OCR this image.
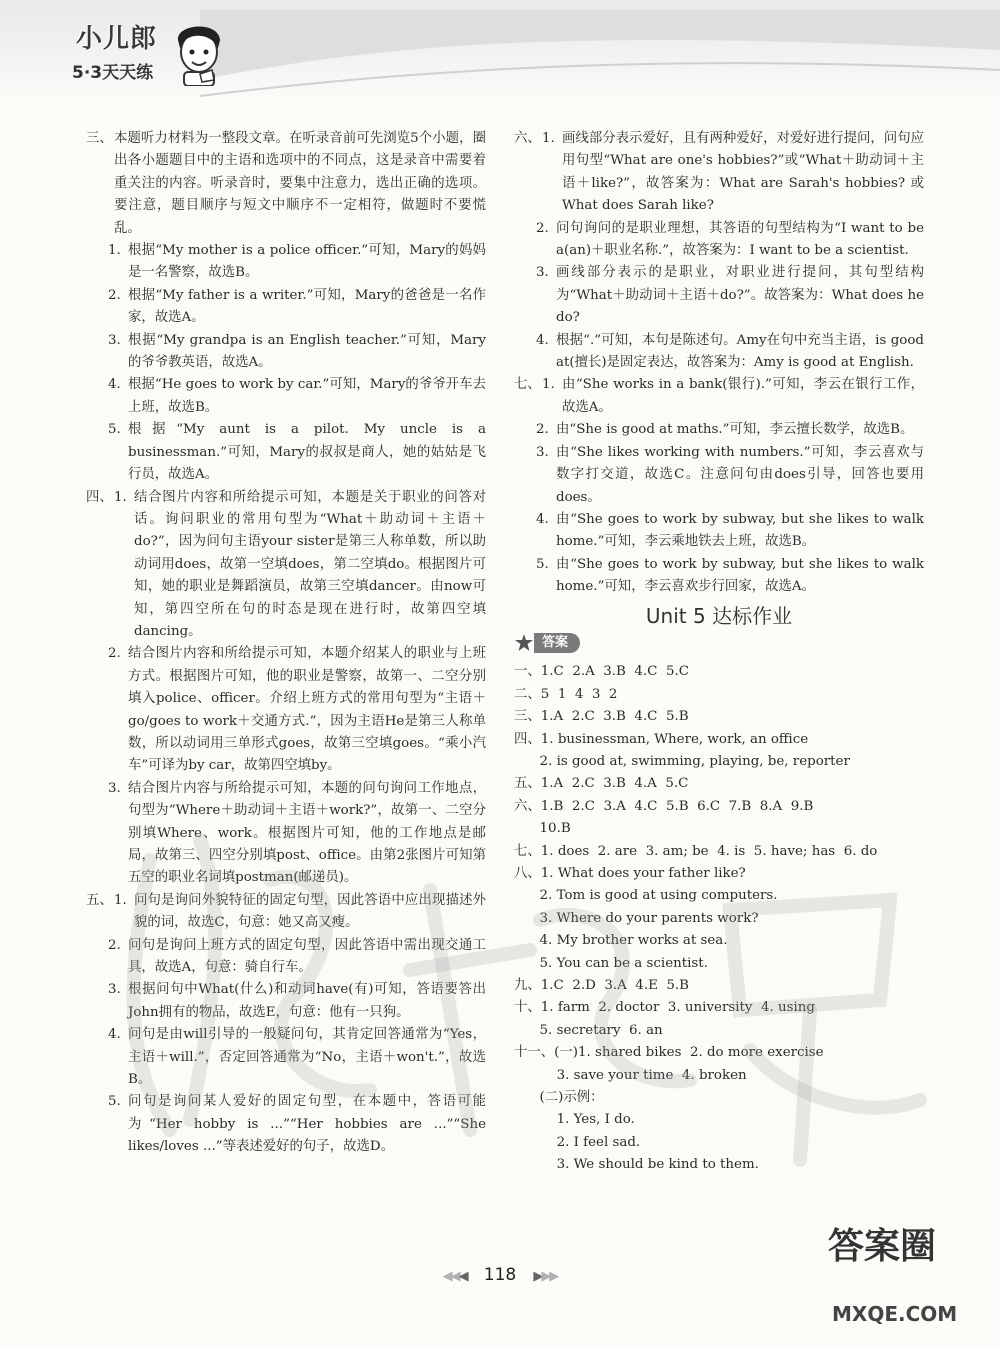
小儿郎
5·3天天练
三、 本题听力材料为一整段文章。在听录音前可先浏览5个小题，圈出各小题题目中的主语和选项中的不同点，这是录音中需要着重关注的内容。听录音时，要集中注意力，选出正确的选项。要注意，题目顺序与短文中顺序不一定相符，做题时不要慌乱。
1. 根据“My mother is a police officer.”可知，Mary的妈妈是一名警察，故选B。
2. 根据“My father is a writer.”可知，Mary的爸爸是一名作家，故选A。
3. 根据“My grandpa is an English teacher.”可知，Mary的爷爷教英语，故选A。
4. 根据“He goes to work by car.”可知，Mary的爷爷开车去上班，故选B。
5. 根据“My aunt is a pilot. My uncle is a businessman.”可知，Mary的叔叔是商人，她的姑姑是飞行员，故选A。
四、 1. 结合图片内容和所给提示可知，本题是关于职业的问答对话。询问职业的常用句型为“What＋助动词＋主语＋do?”，因为问句主语your sister是第三人称单数，所以助动词用does，故第一空填does，第二空填do。根据图片可知，她的职业是舞蹈演员，故第三空填dancer。由now可知，第四空所在句的时态是现在进行时，故第四空填dancing。
2. 结合图片内容和所给提示可知，本题介绍某人的职业与上班方式。根据图片可知，他的职业是警察，故第一、二空分别填入police、officer。介绍上班方式的常用句型为“主语＋go/goes to work＋交通方式.”，因为主语He是第三人称单数，所以动词用三单形式goes，故第三空填goes。“乘小汽车”可译为by car，故第四空填by。
3. 结合图片内容与所给提示可知，本题的问句询问工作地点，句型为“Where＋助动词＋主语＋work?”，故第一、二空分别填Where、work。根据图片可知，他的工作地点是邮局，故第三、四空分别填post、office。由第2张图片可知第五空的职业名词填postman(邮递员)。
五、 1. 问句是询问外貌特征的固定句型，因此答语中应出现描述外貌的词，故选C，句意：她又高又瘦。
2. 问句是询问上班方式的固定句型，因此答语中需出现交通工具，故选A，句意：骑自行车。
3. 根据问句中What(什么)和动词have(有)可知，答语要答出John拥有的物品，故选E，句意：他有一只狗。
4. 问句是由will引导的一般疑问句，其肯定回答通常为“Yes，主语＋will.”，否定回答通常为“No，主语＋won't.”，故选B。
5. 问句是询问某人爱好的固定句型，在本题中，答语可能为“Her hobby is ...”“Her hobbies are ...”“She likes/loves ...”等表述爱好的句子，故选D。
六、 1. 画线部分表示爱好，且有两种爱好，对爱好进行提问，问句应用句型“What are one's hobbies?”或“What＋助动词＋主语＋like?”，故答案为：What are Sarah's hobbies? 或 What does Sarah like?
2. 问句询问的是职业理想，其答语的句型结构为“I want to be a(an)＋职业名称.”，故答案为：I want to be a scientist.
3. 画线部分表示的是职业，对职业进行提问，其句型结构为“What＋助动词＋主语＋do?”。故答案为：What does he do?
4. 根据“.”可知，本句是陈述句。Amy在句中充当主语，is good at(擅长)是固定表达，故答案为：Amy is good at English.
七、 1. 由“She works in a bank(银行).”可知，李云在银行工作，故选A。
2. 由“She is good at maths.”可知，李云擅长数学，故选B。
3. 由“She likes working with numbers.”可知，李云喜欢与数字打交道，故选C。注意问句由does引导，回答也要用does。
4. 由“She goes to work by subway, but she likes to walk home.”可知，李云乘地铁去上班，故选B。
5. 由“She goes to work by subway, but she likes to walk home.”可知，李云喜欢步行回家，故选A。
Unit 5 达标作业
答案
一、1.C  2.A  3.B  4.C  5.C
二、5  1  4  3  2
三、1.A  2.C  3.B  4.C  5.B
四、1. businessman, Where, work, an office
2. is good at, swimming, playing, be, reporter
五、1.A  2.C  3.B  4.A  5.C
六、1.B  2.C  3.A  4.C  5.B  6.C  7.B  8.A  9.B
10.B
七、1. does  2. are  3. am; be  4. is  5. have; has  6. do
八、1. What does your father like?
2. Tom is good at using computers.
3. Where do your parents work?
4. My brother works at sea.
5. You can be a scientist.
九、1.C  2.D  3.A  4.E  5.B
十、1. farm  2. doctor  3. university  4. using
5. secretary  6. an
十一、(一)1. shared bikes  2. do more exercise
3. save your time  4. broken
(二)示例：
1. Yes, I do.
2. I feel sad.
3. We should be kind to them.
◀◀◀ 118 ▶▶▶
答案圈
MXQE.COM
